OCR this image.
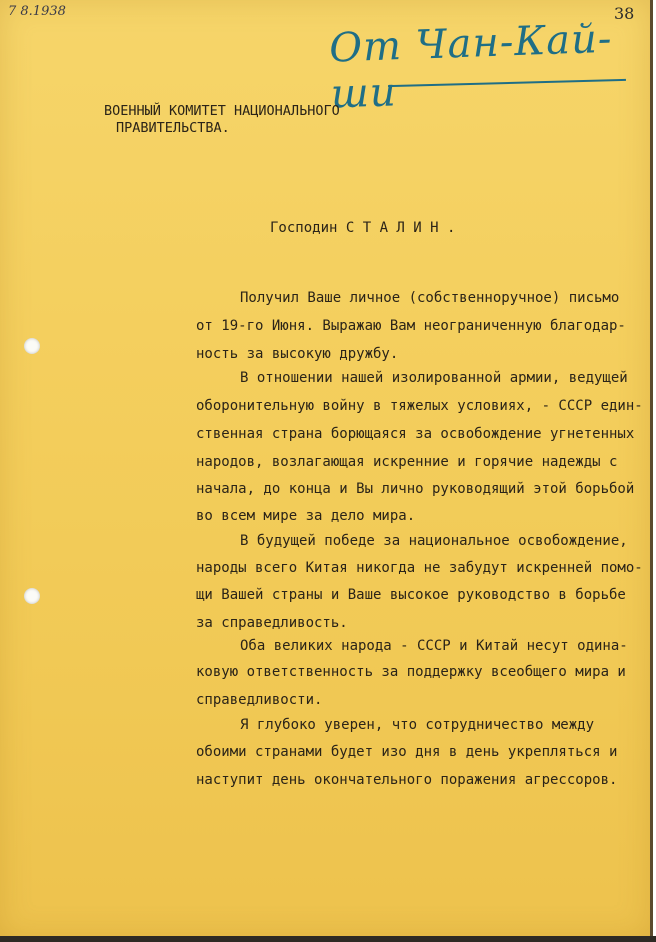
7 8.1938	38
От Чан-Кай-ши
ВОЕННЫЙ КОМИТЕТ НАЦИОНАЛЬНОГО
ПРАВИТЕЛЬСТВА.
Господин С Т А Л И Н .
Получил Ваше личное (собственноручное) письмо
от 19-го Июня. Выражаю Вам неограниченную благодар-
ность за высокую дружбу.
В отношении нашей изолированной армии, ведущей
оборонительную войну в тяжелых условиях, - СССР един-
ственная страна борющаяся за освобождение угнетенных
народов, возлагающая искренние и горячие надежды с
начала, до конца и Вы лично руководящий этой борьбой
во всем мире за дело мира.
В будущей победе за национальное освобождение,
народы всего Китая никогда не забудут искренней помо-
щи Вашей страны и Ваше высокое руководство в борьбе
за справедливость.
Оба великих народа - СССР и Китай несут одина-
ковую ответственность за поддержку всеобщего мира и
справедливости.
Я глубоко уверен, что сотрудничество между
обоими странами будет изо дня в день укрепляться и
наступит день окончательного поражения агрессоров.
